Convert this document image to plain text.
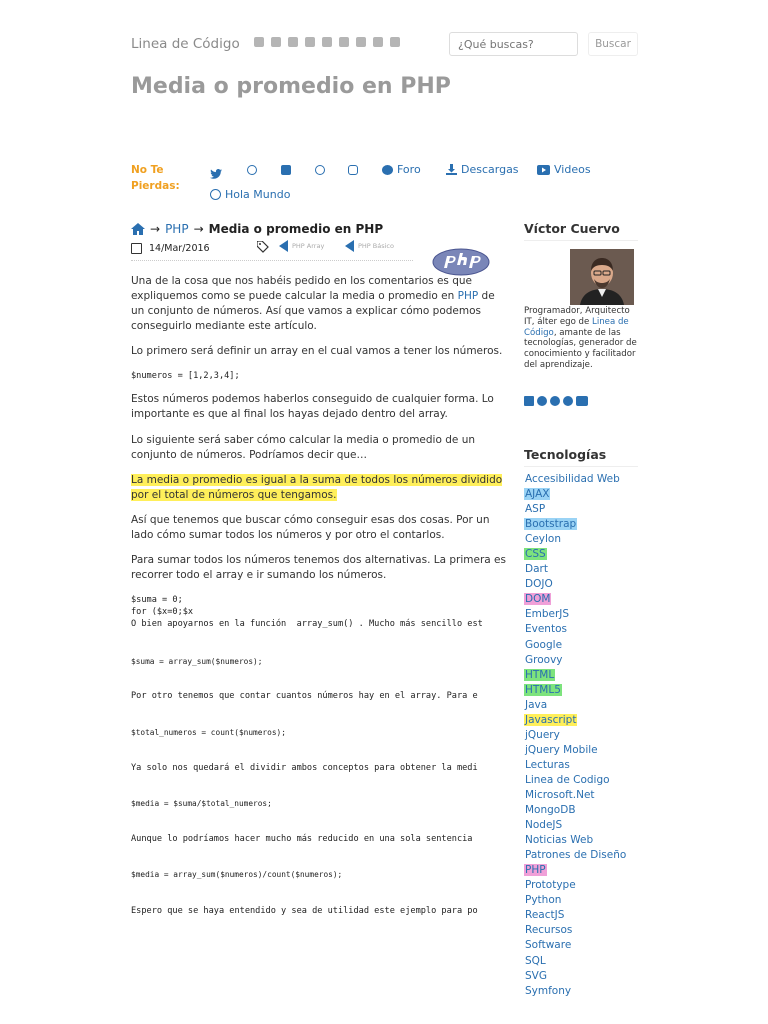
Linea de Código
¿Qué buscas?	Buscar
Media o promedio en PHP
No Te Pierdas:
Foro	Descargas	Videos
Hola Mundo
→ PHP → Media o promedio en PHP
14/Mar/2016	PHP Array	PHP Básico

Una de la cosa que nos habéis pedido en los comentarios es que expliquemos como se puede calcular la media o promedio en PHP de un conjunto de números. Así que vamos a explicar cómo podemos conseguirlo mediante este artículo.

Lo primero será definir un array en el cual vamos a tener los números.

$numeros = [1,2,3,4];

Estos números podemos haberlos conseguido de cualquier forma. Lo importante es que al final los hayas dejado dentro del array.

Lo siguiente será saber cómo calcular la media o promedio de un conjunto de números. Podríamos decir que…

La media o promedio es igual a la suma de todos los números dividido por el total de números que tengamos.

Así que tenemos que buscar cómo conseguir esas dos cosas. Por un lado cómo sumar todos los números y por otro el contarlos.

Para sumar todos los números tenemos dos alternativas. La primera es recorrer todo el array e ir sumando los números.

$suma = 0;
for ($x=0;$x
O bien apoyarnos en la función  array_sum() . Mucho más sencillo est
$suma = array_sum($numeros);
Por otro tenemos que contar cuantos números hay en el array. Para e
$total_numeros = count($numeros);
Ya solo nos quedará el dividir ambos conceptos para obtener la medi
$media = $suma/$total_numeros;
Aunque lo podríamos hacer mucho más reducido en una sola sentencia
$media = array_sum($numeros)/count($numeros);
Espero que se haya entendido y sea de utilidad este ejemplo para po
Víctor Cuervo
Programador, Arquitecto IT, álter ego de Linea de Código, amante de las tecnologías, generador de conocimiento y facilitador del aprendizaje.
Tecnologías
Accesibilidad Web
AJAX
ASP
Bootstrap
Ceylon
CSS
Dart
DOJO
DOM
EmberJS
Eventos
Google
Groovy
HTML
HTML5
Java
Javascript
jQuery
jQuery Mobile
Lecturas
Linea de Codigo
Microsoft.Net
MongoDB
NodeJS
Noticias Web
Patrones de Diseño
PHP
Prototype
Python
ReactJS
Recursos
Software
SQL
SVG
Symfony
